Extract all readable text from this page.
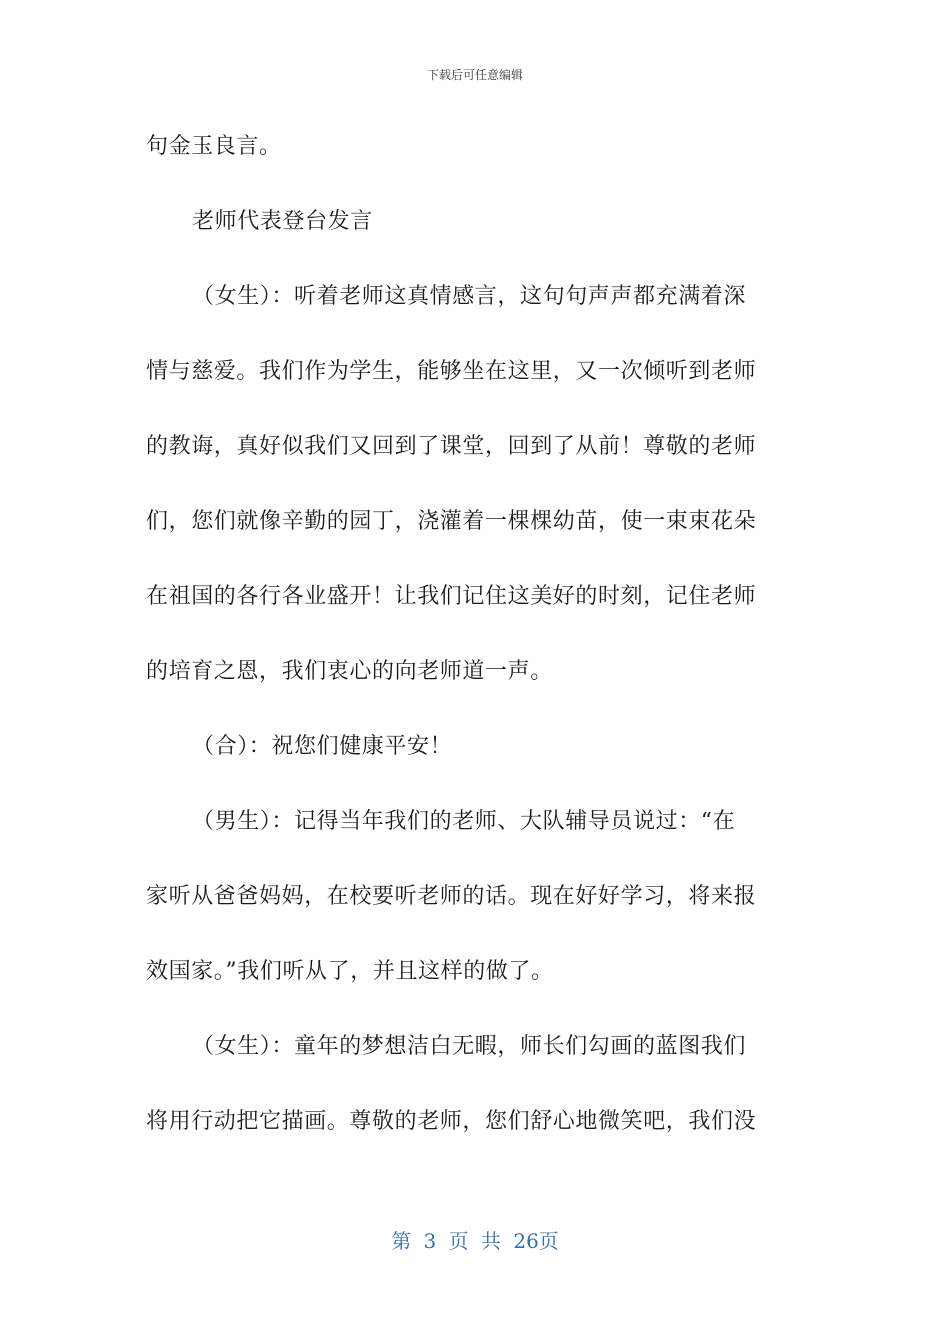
下载后可任意编辑
句金玉良言。
老师代表登台发言
（女生）：听着老师这真情感言，这句句声声都充满着深
情与慈爱。我们作为学生，能够坐在这里，又一次倾听到老师
的教诲，真好似我们又回到了课堂，回到了从前！尊敬的老师
们，您们就像辛勤的园丁，浇灌着一棵棵幼苗，使一束束花朵
在祖国的各行各业盛开！让我们记住这美好的时刻，记住老师
的培育之恩，我们衷心的向老师道一声。
（合）：祝您们健康平安！
（男生）：记得当年我们的老师、大队辅导员说过：“在
家听从爸爸妈妈，在校要听老师的话。现在好好学习，将来报
效国家。”我们听从了，并且这样的做了。
（女生）：童年的梦想洁白无暇，师长们勾画的蓝图我们
将用行动把它描画。尊敬的老师，您们舒心地微笑吧，我们没
第 3 页 共 26页
